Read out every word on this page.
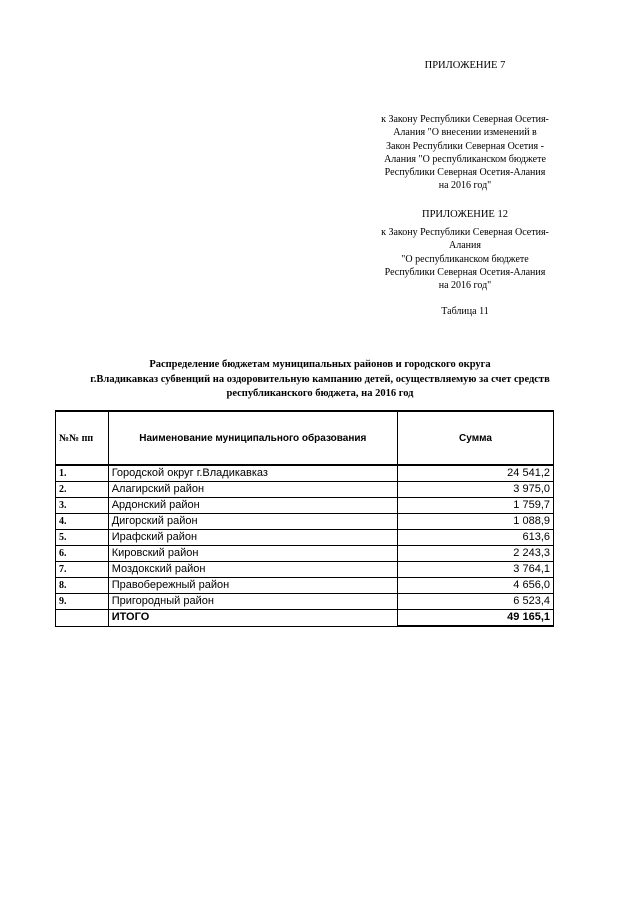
ПРИЛОЖЕНИЕ 7
к Закону Республики Северная Осетия-
Алания "О внесении изменений в
Закон Республики Северная Осетия -
Алания "О республиканском бюджете
Республики Северная Осетия-Алания
на 2016 год"
ПРИЛОЖЕНИЕ 12
к Закону Республики Северная Осетия-
Алания
"О республиканском бюджете
Республики Северная Осетия-Алания
на 2016 год"
Таблица 11
Распределение бюджетам муниципальных районов и городского округа
г.Владикавказ субвенций на оздоровительную кампанию детей, осуществляемую за счет средств
республиканского бюджета, на 2016 год
№№ пп	Наименование муниципального образования	Сумма
1.	Городской округ г.Владикавказ	24 541,2
2.	Алагирский район	3 975,0
3.	Ардонский район	1 759,7
4.	Дигорский район	1 088,9
5.	Ирафский район	613,6
6.	Кировский район	2 243,3
7.	Моздокский район	3 764,1
8.	Правобережный район	4 656,0
9.	Пригородный район	6 523,4
	ИТОГО	49 165,1
